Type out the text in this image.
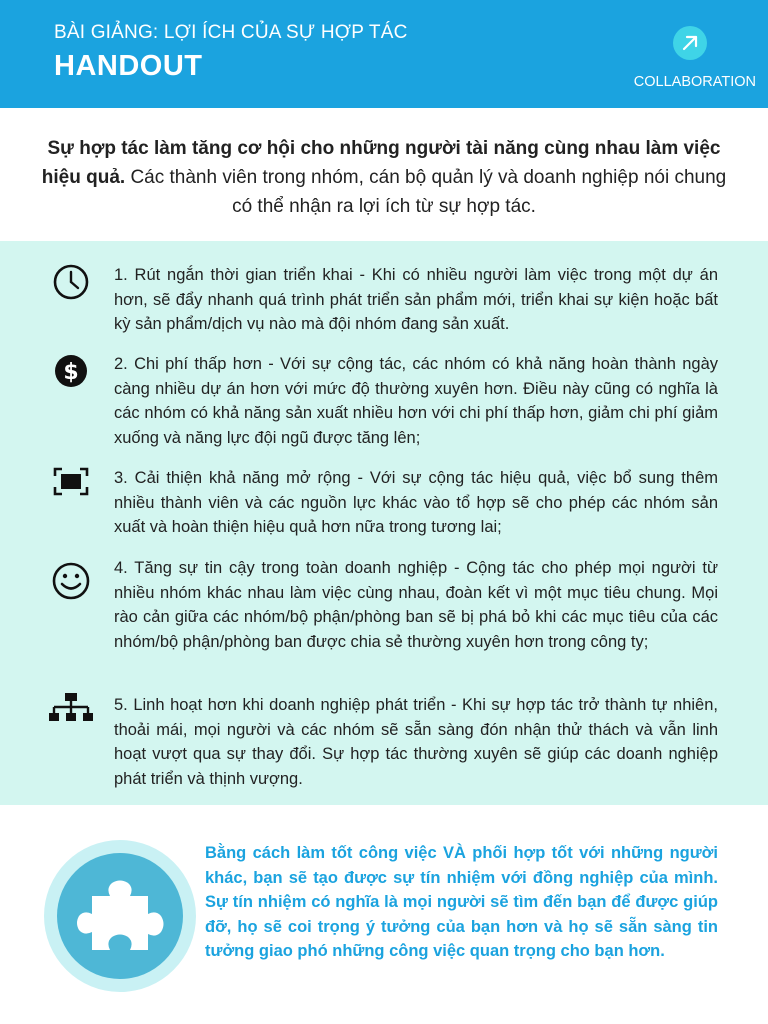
BÀI GIẢNG: LỢI ÍCH CỦA SỰ HỢP TÁC
HANDOUT	COLLABORATION
Sự hợp tác làm tăng cơ hội cho những người tài năng cùng nhau làm việc hiệu quả. Các thành viên trong nhóm, cán bộ quản lý và doanh nghiệp nói chung có thể nhận ra lợi ích từ sự hợp tác.
1. Rút ngắn thời gian triển khai - Khi có nhiều người làm việc trong một dự án hơn, sẽ đẩy nhanh quá trình phát triển sản phẩm mới, triển khai sự kiện hoặc bất kỳ sản phẩm/dịch vụ nào mà đội nhóm đang sản xuất.
$ 2. Chi phí thấp hơn - Với sự cộng tác, các nhóm có khả năng hoàn thành ngày càng nhiều dự án hơn với mức độ thường xuyên hơn. Điều này cũng có nghĩa là các nhóm có khả năng sản xuất nhiều hơn với chi phí thấp hơn, giảm chi phí giảm xuống và năng lực đội ngũ được tăng lên;
3. Cải thiện khả năng mở rộng - Với sự cộng tác hiệu quả, việc bổ sung thêm nhiều thành viên và các nguồn lực khác vào tổ hợp sẽ cho phép các nhóm sản xuất và hoàn thiện hiệu quả hơn nữa trong tương lai;
4. Tăng sự tin cậy trong toàn doanh nghiệp - Cộng tác cho phép mọi người từ nhiều nhóm khác nhau làm việc cùng nhau, đoàn kết vì một mục tiêu chung. Mọi rào cản giữa các nhóm/bộ phận/phòng ban sẽ bị phá bỏ khi các mục tiêu của các nhóm/bộ phận/phòng ban được chia sẻ thường xuyên hơn trong công ty;
5. Linh hoạt hơn khi doanh nghiệp phát triển - Khi sự hợp tác trở thành tự nhiên, thoải mái, mọi người và các nhóm sẽ sẵn sàng đón nhận thử thách và vẫn linh hoạt vượt qua sự thay đổi. Sự hợp tác thường xuyên sẽ giúp các doanh nghiệp phát triển và thịnh vượng.
Bằng cách làm tốt công việc VÀ phối hợp tốt với những người khác, bạn sẽ tạo được sự tín nhiệm với đồng nghiệp của mình. Sự tín nhiệm có nghĩa là mọi người sẽ tìm đến bạn để được giúp đỡ, họ sẽ coi trọng ý tưởng của bạn hơn và họ sẽ sẵn sàng tin tưởng giao phó những công việc quan trọng cho bạn hơn.
